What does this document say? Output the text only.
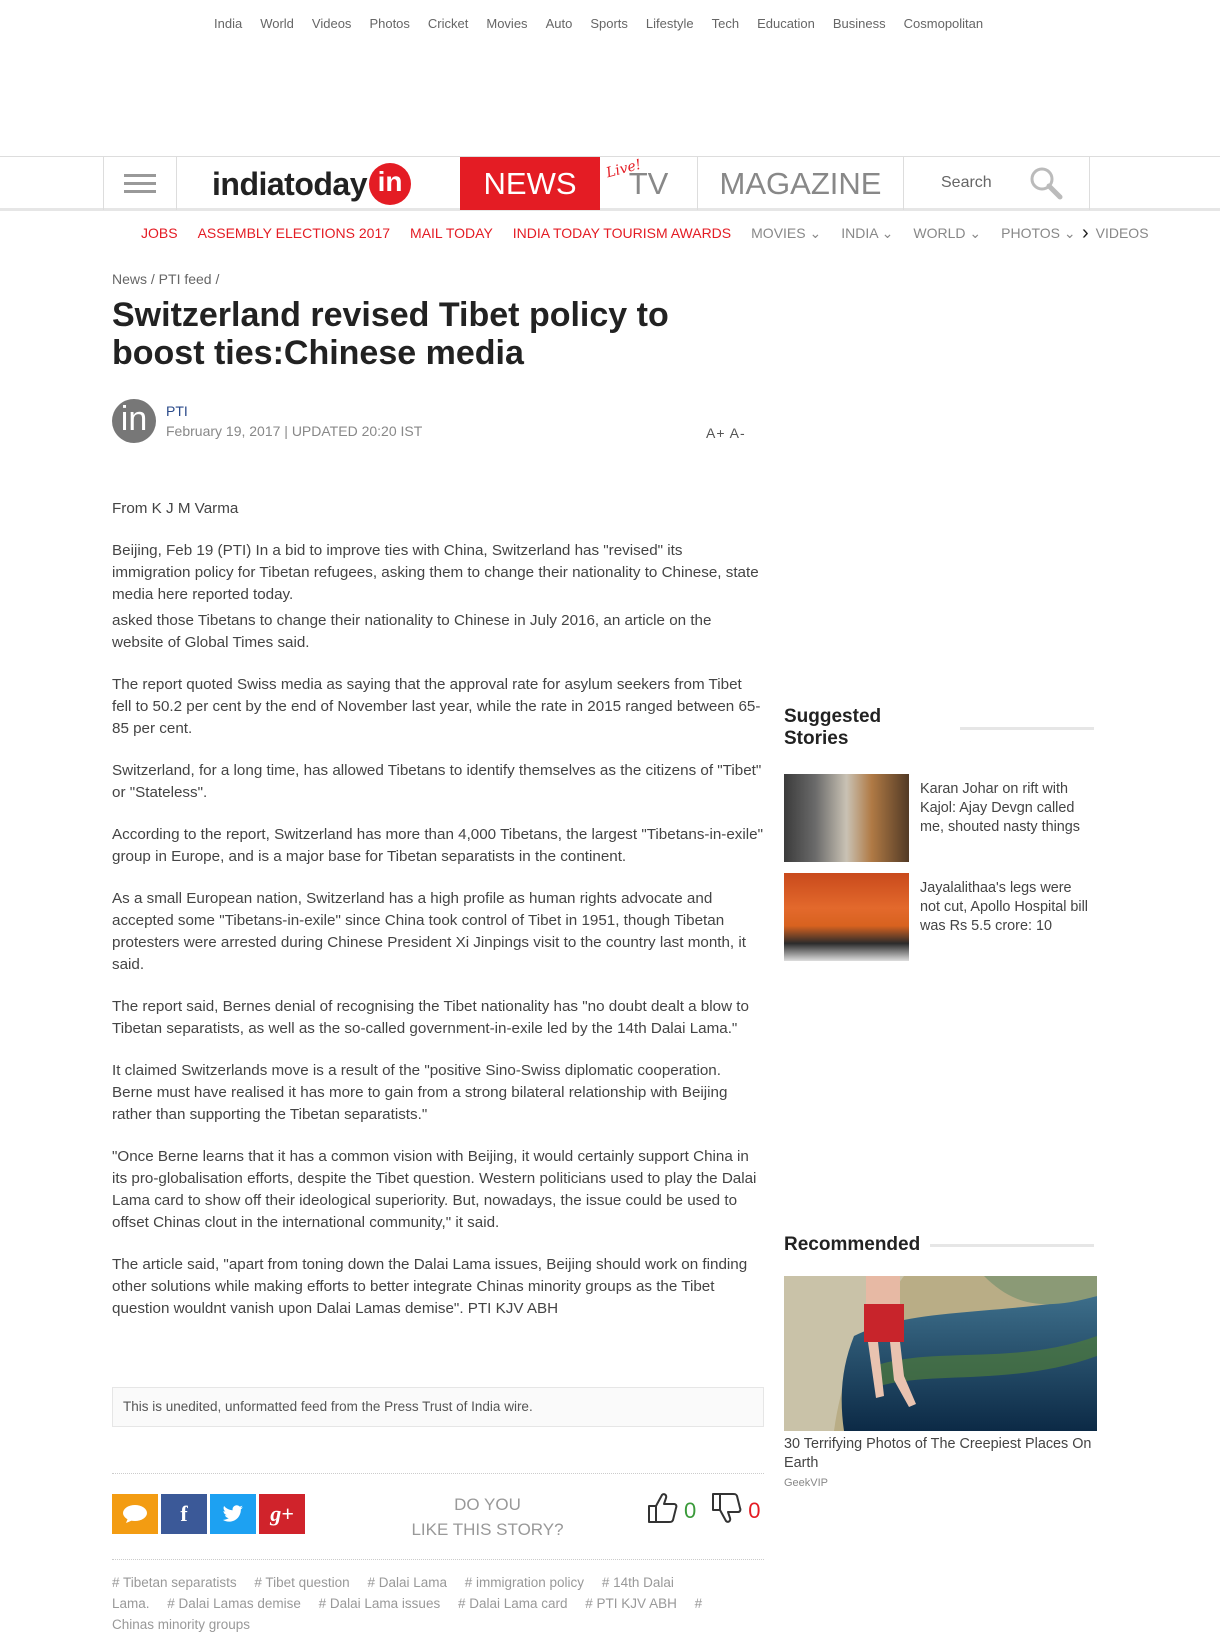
India World Videos Photos Cricket Movies Auto Sports Lifestyle Tech Education Business Cosmopolitan
indiatoday in	NEWS	Live!
TV	MAGAZINE	Search
JOBS ASSEMBLY ELECTIONS 2017 MAIL TODAY INDIA TODAY TOURISM AWARDS MOVIES ⌄ INDIA ⌄ WORLD ⌄ PHOTOS ⌄ VIDEOS
›
News / PTI feed /
Switzerland revised Tibet policy to boost ties:Chinese media
in	PTI
February 19, 2017 | UPDATED 20:20 IST	A+ A-

From K J M Varma

Beijing, Feb 19 (PTI) In a bid to improve ties with China, Switzerland has "revised" its immigration policy for Tibetan refugees, asking them to change their nationality to Chinese, state media here reported today.

asked those Tibetans to change their nationality to Chinese in July 2016, an article on the website of Global Times said.

The report quoted Swiss media as saying that the approval rate for asylum seekers from Tibet fell to 50.2 per cent by the end of November last year, while the rate in 2015 ranged between 65-85 per cent.

Switzerland, for a long time, has allowed Tibetans to identify themselves as the citizens of "Tibet" or "Stateless".

According to the report, Switzerland has more than 4,000 Tibetans, the largest "Tibetans-in-exile" group in Europe, and is a major base for Tibetan separatists in the continent.

As a small European nation, Switzerland has a high profile as human rights advocate and accepted some "Tibetans-in-exile" since China took control of Tibet in 1951, though Tibetan protesters were arrested during Chinese President Xi Jinpings visit to the country last month, it said.

The report said, Bernes denial of recognising the Tibet nationality has "no doubt dealt a blow to Tibetan separatists, as well as the so-called government-in-exile led by the 14th Dalai Lama."

It claimed Switzerlands move is a result of the "positive Sino-Swiss diplomatic cooperation. Berne must have realised it has more to gain from a strong bilateral relationship with Beijing rather than supporting the Tibetan separatists."

"Once Berne learns that it has a common vision with Beijing, it would certainly support China in its pro-globalisation efforts, despite the Tibet question. Western politicians used to play the Dalai Lama card to show off their ideological superiority. But, nowadays, the issue could be used to offset Chinas clout in the international community," it said.

The article said, "apart from toning down the Dalai Lama issues, Beijing should work on finding other solutions while making efforts to better integrate Chinas minority groups as the Tibet question wouldnt vanish upon Dalai Lamas demise". PTI KJV ABH

This is unedited, unformatted feed from the Press Trust of India wire.
f	g+	DO YOU
LIKE THIS STORY?
0 0
# Tibetan separatists # Tibet question # Dalai Lama # immigration policy # 14th Dalai Lama. # Dalai Lamas demise # Dalai Lama issues # Dalai Lama card # PTI KJV ABH # Chinas minority groups
Suggested Stories
Karan Johar on rift with Kajol: Ajay Devgn called me, shouted nasty things
Jayalalithaa's legs were not cut, Apollo Hospital bill was Rs 5.5 crore: 10
Recommended
30 Terrifying Photos of The Creepiest Places On Earth
GeekVIP
